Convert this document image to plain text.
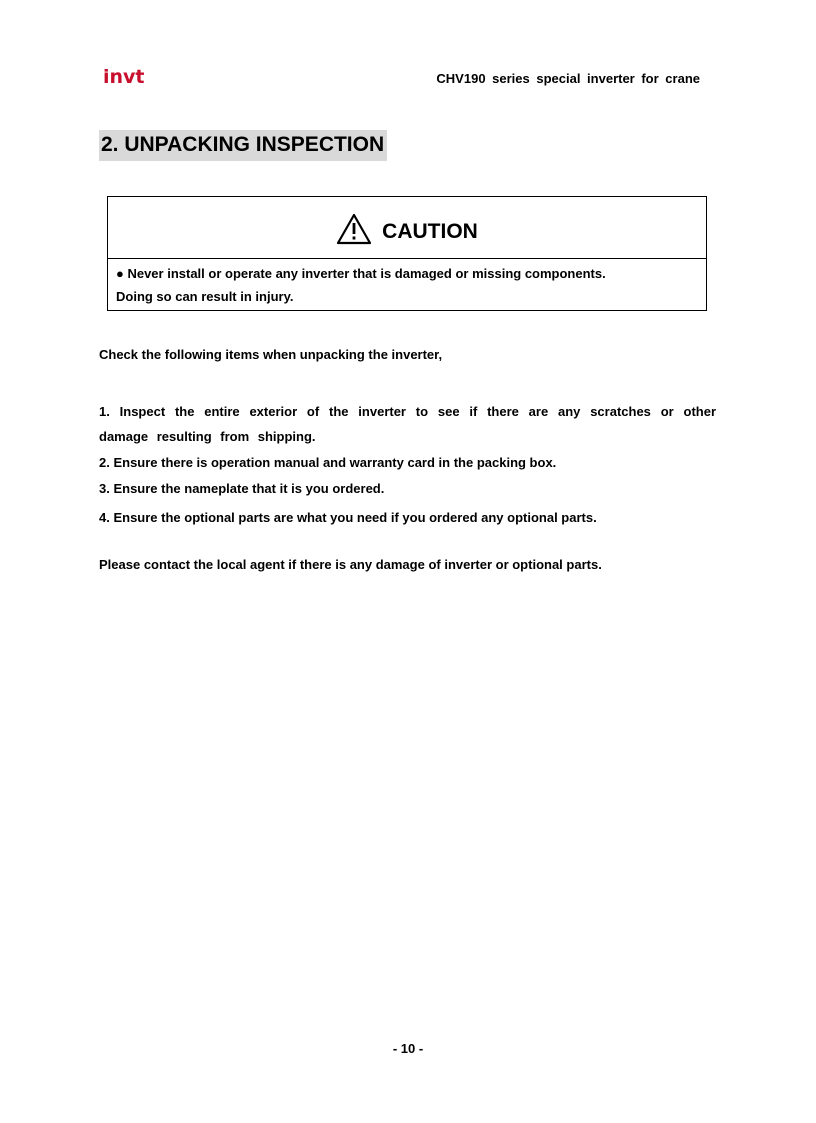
invt	CHV190 series special inverter for crane
2. UNPACKING INSPECTION
CAUTION
● Never install or operate any inverter that is damaged or missing components.
Doing so can result in injury.
Check the following items when unpacking the inverter,
1. Inspect the entire exterior of the inverter to see if there are any scratches or other damage resulting from shipping.
2. Ensure there is operation manual and warranty card in the packing box.
3. Ensure the nameplate that it is you ordered.
4. Ensure the optional parts are what you need if you ordered any optional parts.
Please contact the local agent if there is any damage of inverter or optional parts.
- 10 -
